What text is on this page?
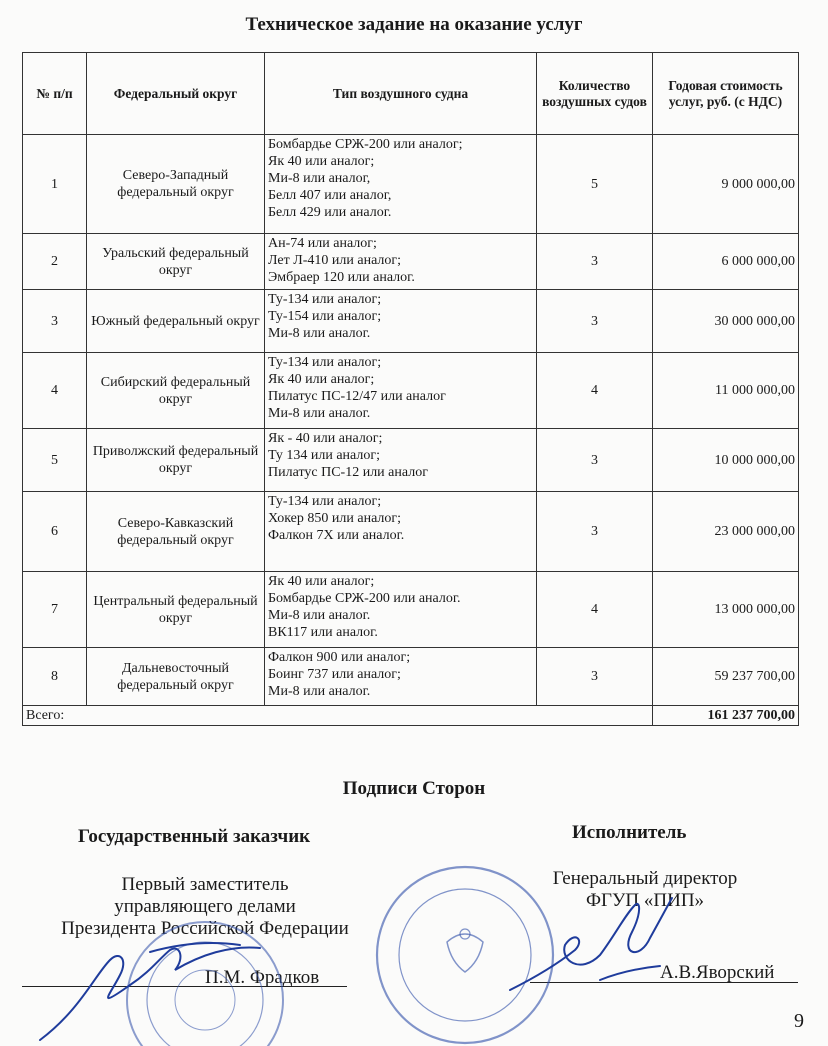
Техническое задание на оказание услуг
№ п/п	Федеральный округ	Тип воздушного судна	Количество воздушных судов	Годовая стоимость услуг, руб. (с НДС)
1	Северо-Западный федеральный округ	Бомбардье СРЖ-200 или аналог;
Як 40 или аналог;
Ми-8 или аналог,
Белл 407 или аналог,
Белл 429 или аналог.	5	9 000 000,00
2	Уральский федеральный округ	Ан-74 или аналог;
Лет Л-410 или аналог;
Эмбраер 120 или аналог.	3	6 000 000,00
3	Южный федеральный округ	Ту-134 или аналог;
Ту-154 или аналог;
Ми-8 или аналог.	3	30 000 000,00
4	Сибирский федеральный округ	Ту-134 или аналог;
Як 40 или аналог;
Пилатус ПС-12/47 или аналог
Ми-8 или аналог.	4	11 000 000,00
5	Приволжский федеральный округ	Як - 40 или аналог;
Ту 134 или аналог;
Пилатус ПС-12 или аналог	3	10 000 000,00
6	Северо-Кавказский федеральный округ	Ту-134 или аналог;
Хокер 850 или аналог;
Фалкон 7Х или аналог.	3	23 000 000,00
7	Центральный федеральный округ	Як 40 или аналог;
Бомбардье СРЖ-200 или аналог.
Ми-8 или аналог.
ВК117 или аналог.	4	13 000 000,00
8	Дальневосточный федеральный округ	Фалкон 900 или аналог;
Боинг 737 или аналог;
Ми-8 или аналог.	3	59 237 700,00
Всего:				161 237 700,00
Подписи Сторон
Государственный заказчик	Исполнитель
Первый заместитель
управляющего делами
Президента Российской Федерации
Генеральный директор
ФГУП «ПИП»
П.М. Фрадков	А.В.Яворский
9
